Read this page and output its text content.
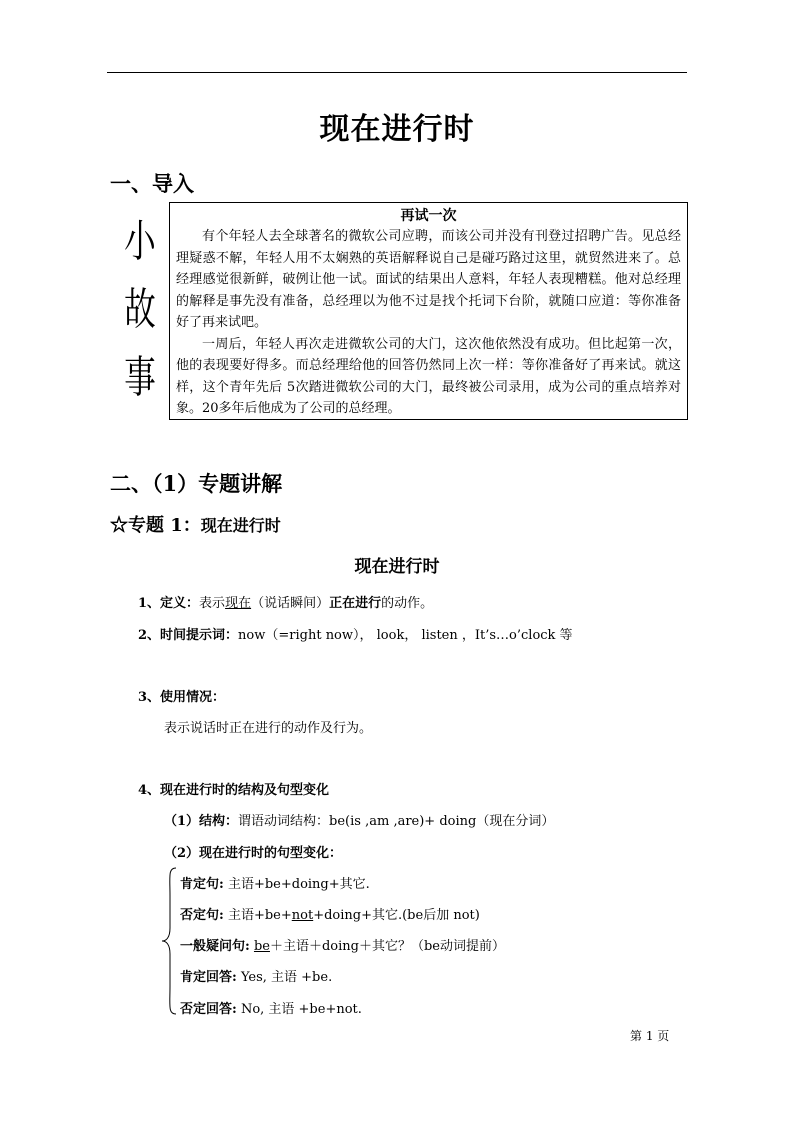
现在进行时
一、导入
小
故
事
再试一次

有个年轻人去全球著名的微软公司应聘，而该公司并没有刊登过招聘广告。见总经理疑惑不解，年轻人用不太娴熟的英语解释说自己是碰巧路过这里，就贸然进来了。总经理感觉很新鲜，破例让他一试。面试的结果出人意料，年轻人表现糟糕。他对总经理的解释是事先没有准备，总经理以为他不过是找个托词下台阶，就随口应道：等你准备好了再来试吧。

一周后，年轻人再次走进微软公司的大门，这次他依然没有成功。但比起第一次，他的表现要好得多。而总经理给他的回答仍然同上次一样：等你准备好了再来试。就这样，这个青年先后 5次踏进微软公司的大门，最终被公司录用，成为公司的重点培养对象。20多年后他成为了公司的总经理。

二、（1）专题讲解
☆专题 1：现在进行时
现在进行时
1、定义：表示现在（说话瞬间）正在进行的动作。
2、时间提示词：now（=right now）， look， listen ，It’s…o’clock 等
3、使用情况：
表示说话时正在进行的动作及行为。
4、现在进行时的结构及句型变化
（1）结构：谓语动词结构：be(is ,am ,are)+ doing（现在分词）
（2）现在进行时的句型变化：
肯定句: 主语+be+doing+其它.
否定句: 主语+be+not+doing+其它.(be后加 not)
一般疑问句: be＋主语＋doing＋其它？（be动词提前）
肯定回答: Yes, 主语 +be.
否定回答: No, 主语 +be+not.
第 1 页
